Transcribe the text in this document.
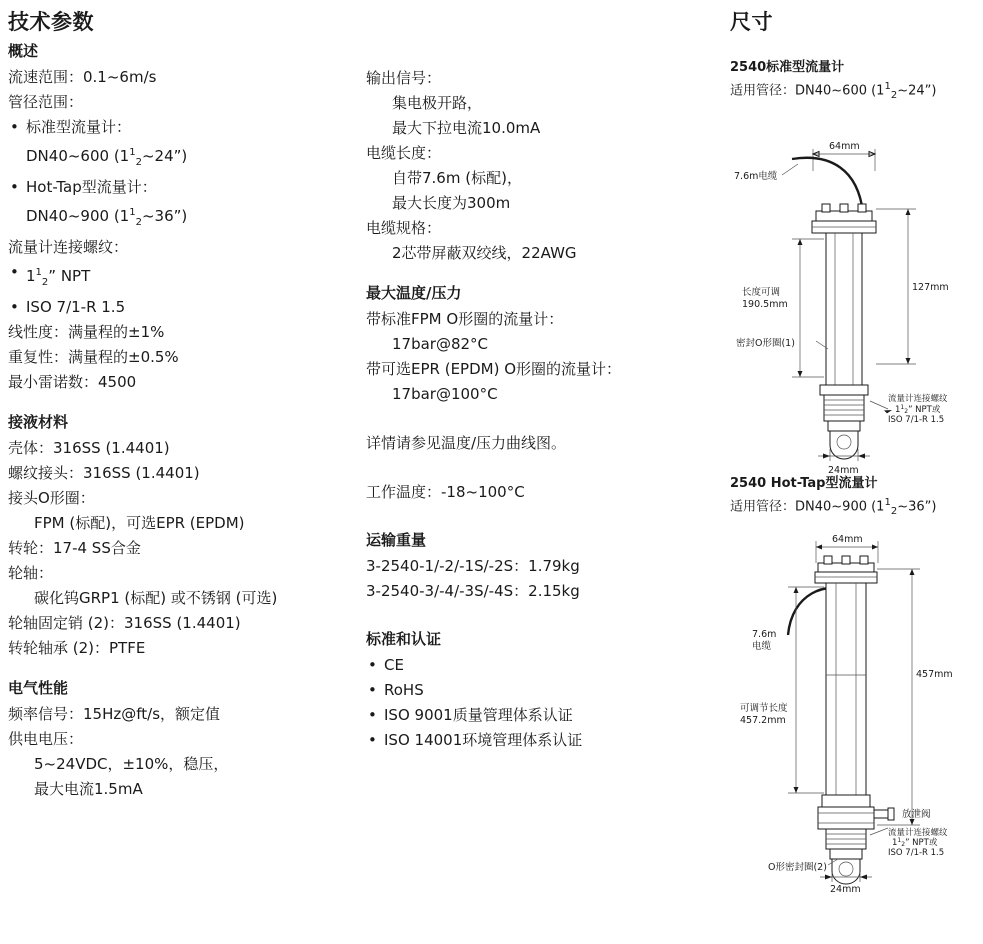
技术参数
概述
流速范围：0.1~6m/s
管径范围：
• 标准型流量计：
DN40~600 $(1^1_2\sim 24”)$
• Hot-Tap型流量计：
DN40~900 $(1^1_2\sim 36”)$
流量计连接螺纹：
• $1^1_2$” NPT
• ISO 7/1-R 1.5
线性度：满量程的±1%
重复性：满量程的±0.5%
最小雷诺数：4500
接液材料
壳体：316SS (1.4401)
螺纹接头：316SS (1.4401)
接头O形圈：
FPM (标配)，可选EPR (EPDM)
转轮：17-4 SS合金
轮轴：
碳化钨GRP1 (标配) 或不锈钢 (可选)
轮轴固定销 (2)：316SS (1.4401)
转轮轴承 (2)：PTFE
电气性能
频率信号：15Hz@ft/s，额定值
供电电压：
5~24VDC，±10%，稳压，
最大电流1.5mA
输出信号：
集电极开路，
最大下拉电流10.0mA
电缆长度：
自带7.6m (标配)，
最大长度为300m
电缆规格：
2芯带屏蔽双绞线，22AWG
最大温度/压力
带标准FPM O形圈的流量计：
17bar@82°C
带可选EPR (EPDM) O形圈的流量计：
17bar@100°C
详情请参见温度/压力曲线图。
工作温度：-18~100°C
运输重量
3-2540-1/-2/-1S/-2S：1.79kg
3-2540-3/-4/-3S/-4S：2.15kg
标准和认证
• CE
• RoHS
• ISO 9001质量管理体系认证
• ISO 14001环境管理体系认证
尺寸
2540标准型流量计
适用管径：DN40~600 $(1^1_2\sim 24”)$
64mm
7.6m电缆
127mm
长度可调
190.5mm
密封O形圈(1)
流量计连接螺纹
$1^1_2$” NPT或
ISO 7/1-R 1.5
24mm
2540 Hot-Tap型流量计
适用管径：DN40~900 $(1^1_2\sim 36”)$
64mm
7.6m
电缆
457mm
可调节长度
457.2mm
放泄阀
流量计连接螺纹
$1^1_2$” NPT或
ISO 7/1-R 1.5
O形密封圈(2)
24mm
